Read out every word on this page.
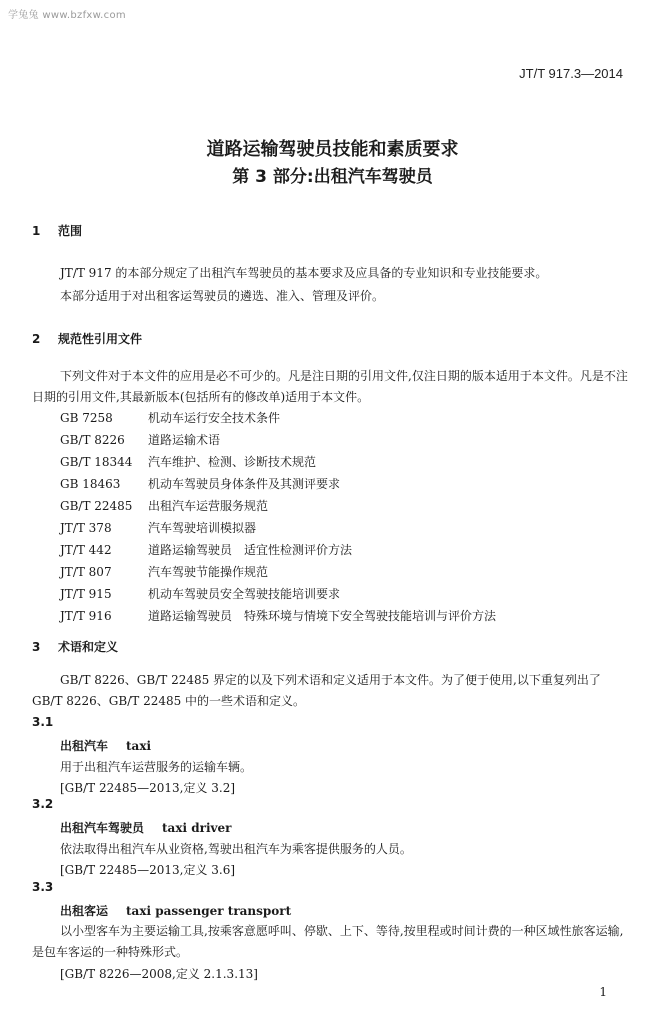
学兔兔 www.bzfxw.com
JT/T 917.3—2014
道路运输驾驶员技能和素质要求
第 3 部分:出租汽车驾驶员
1 范围
JT/T 917 的本部分规定了出租汽车驾驶员的基本要求及应具备的专业知识和专业技能要求。
本部分适用于对出租客运驾驶员的遴选、准入、管理及评价。
2 规范性引用文件
下列文件对于本文件的应用是必不可少的。凡是注日期的引用文件,仅注日期的版本适用于本文件。凡是不注日期的引用文件,其最新版本(包括所有的修改单)适用于本文件。
GB 7258	机动车运行安全技术条件
GB/T 8226 道路运输术语
GB/T 18344 汽车维护、检测、诊断技术规范
GB 18463 机动车驾驶员身体条件及其测评要求
GB/T 22485 出租汽车运营服务规范
JT/T 378	汽车驾驶培训模拟器
JT/T 442	道路运输驾驶员　适宜性检测评价方法
JT/T 807	汽车驾驶节能操作规范
JT/T 915	机动车驾驶员安全驾驶技能培训要求
JT/T 916	道路运输驾驶员　特殊环境与情境下安全驾驶技能培训与评价方法
3 术语和定义
GB/T 8226、GB/T 22485 界定的以及下列术语和定义适用于本文件。为了便于使用,以下重复列出了 GB/T 8226、GB/T 22485 中的一些术语和定义。
3.1
出租汽车 taxi
用于出租汽车运营服务的运输车辆。
[GB/T 22485—2013,定义 3.2]
3.2
出租汽车驾驶员 taxi driver
依法取得出租汽车从业资格,驾驶出租汽车为乘客提供服务的人员。
[GB/T 22485—2013,定义 3.6]
3.3
出租客运 taxi passenger transport
以小型客车为主要运输工具,按乘客意愿呼叫、停歇、上下、等待,按里程或时间计费的一种区域性旅客运输,是包车客运的一种特殊形式。
[GB/T 8226—2008,定义 2.1.3.13]
1
